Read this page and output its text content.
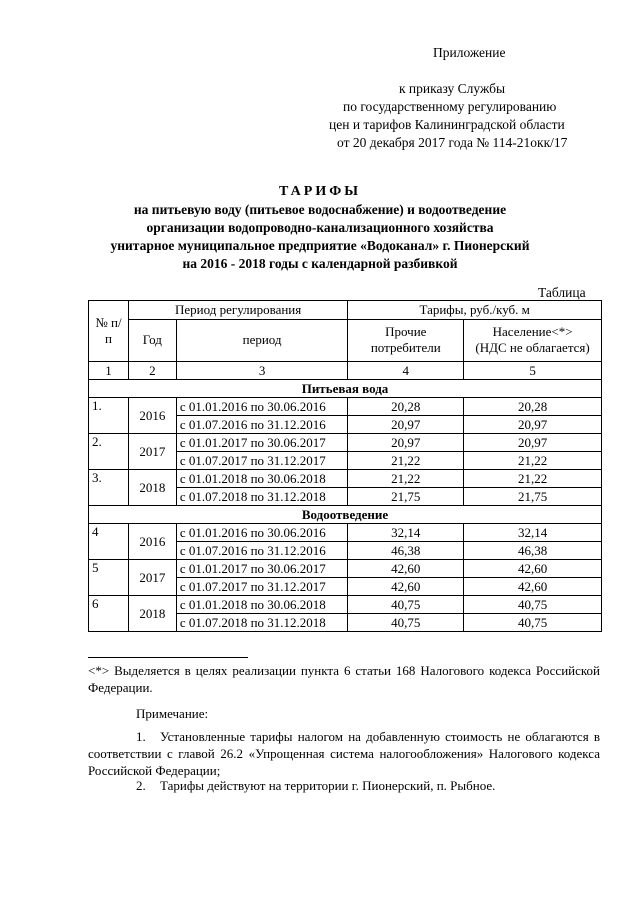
Приложение
к приказу Службы
по государственному регулированию
цен и тарифов Калининградской области
от 20 декабря 2017 года № 114-21окк/17
ТАРИФЫ
на питьевую воду (питьевое водоснабжение) и водоотведение
организации водопроводно-канализационного хозяйства
унитарное муниципальное предприятие «Водоканал» г. Пионерский
на 2016 - 2018 годы с календарной разбивкой
Таблица
№ п/п	Период регулирования		Тарифы, руб./куб. м	
	Год	период	Прочие потребители	Население<*>
(НДС не облагается)

1	2	3	4	5
Питьевая вода				
1.	2016	с 01.01.2016 по 30.06.2016	20,28	20,28
		с 01.07.2016 по 31.12.2016	20,97	20,97
2.	2017	с 01.01.2017 по 30.06.2017	20,97	20,97
		с 01.07.2017 по 31.12.2017	21,22	21,22
3.	2018	с 01.01.2018 по 30.06.2018	21,22	21,22
		с 01.07.2018 по 31.12.2018	21,75	21,75
Водоотведение				
4	2016	с 01.01.2016 по 30.06.2016	32,14	32,14
		с 01.07.2016 по 31.12.2016	46,38	46,38
5	2017	с 01.01.2017 по 30.06.2017	42,60	42,60
		с 01.07.2017 по 31.12.2017	42,60	42,60
6	2018	с 01.01.2018 по 30.06.2018	40,75	40,75
		с 01.07.2018 по 31.12.2018	40,75	40,75
<*> Выделяется в целях реализации пункта 6 статьи 168 Налогового кодекса Российской Федерации.
Примечание:
1. Установленные тарифы налогом на добавленную стоимость не облагаются в соответствии с главой 26.2 «Упрощенная система налогообложения» Налогового кодекса Российской Федерации;
2. Тарифы действуют на территории г. Пионерский, п. Рыбное.
